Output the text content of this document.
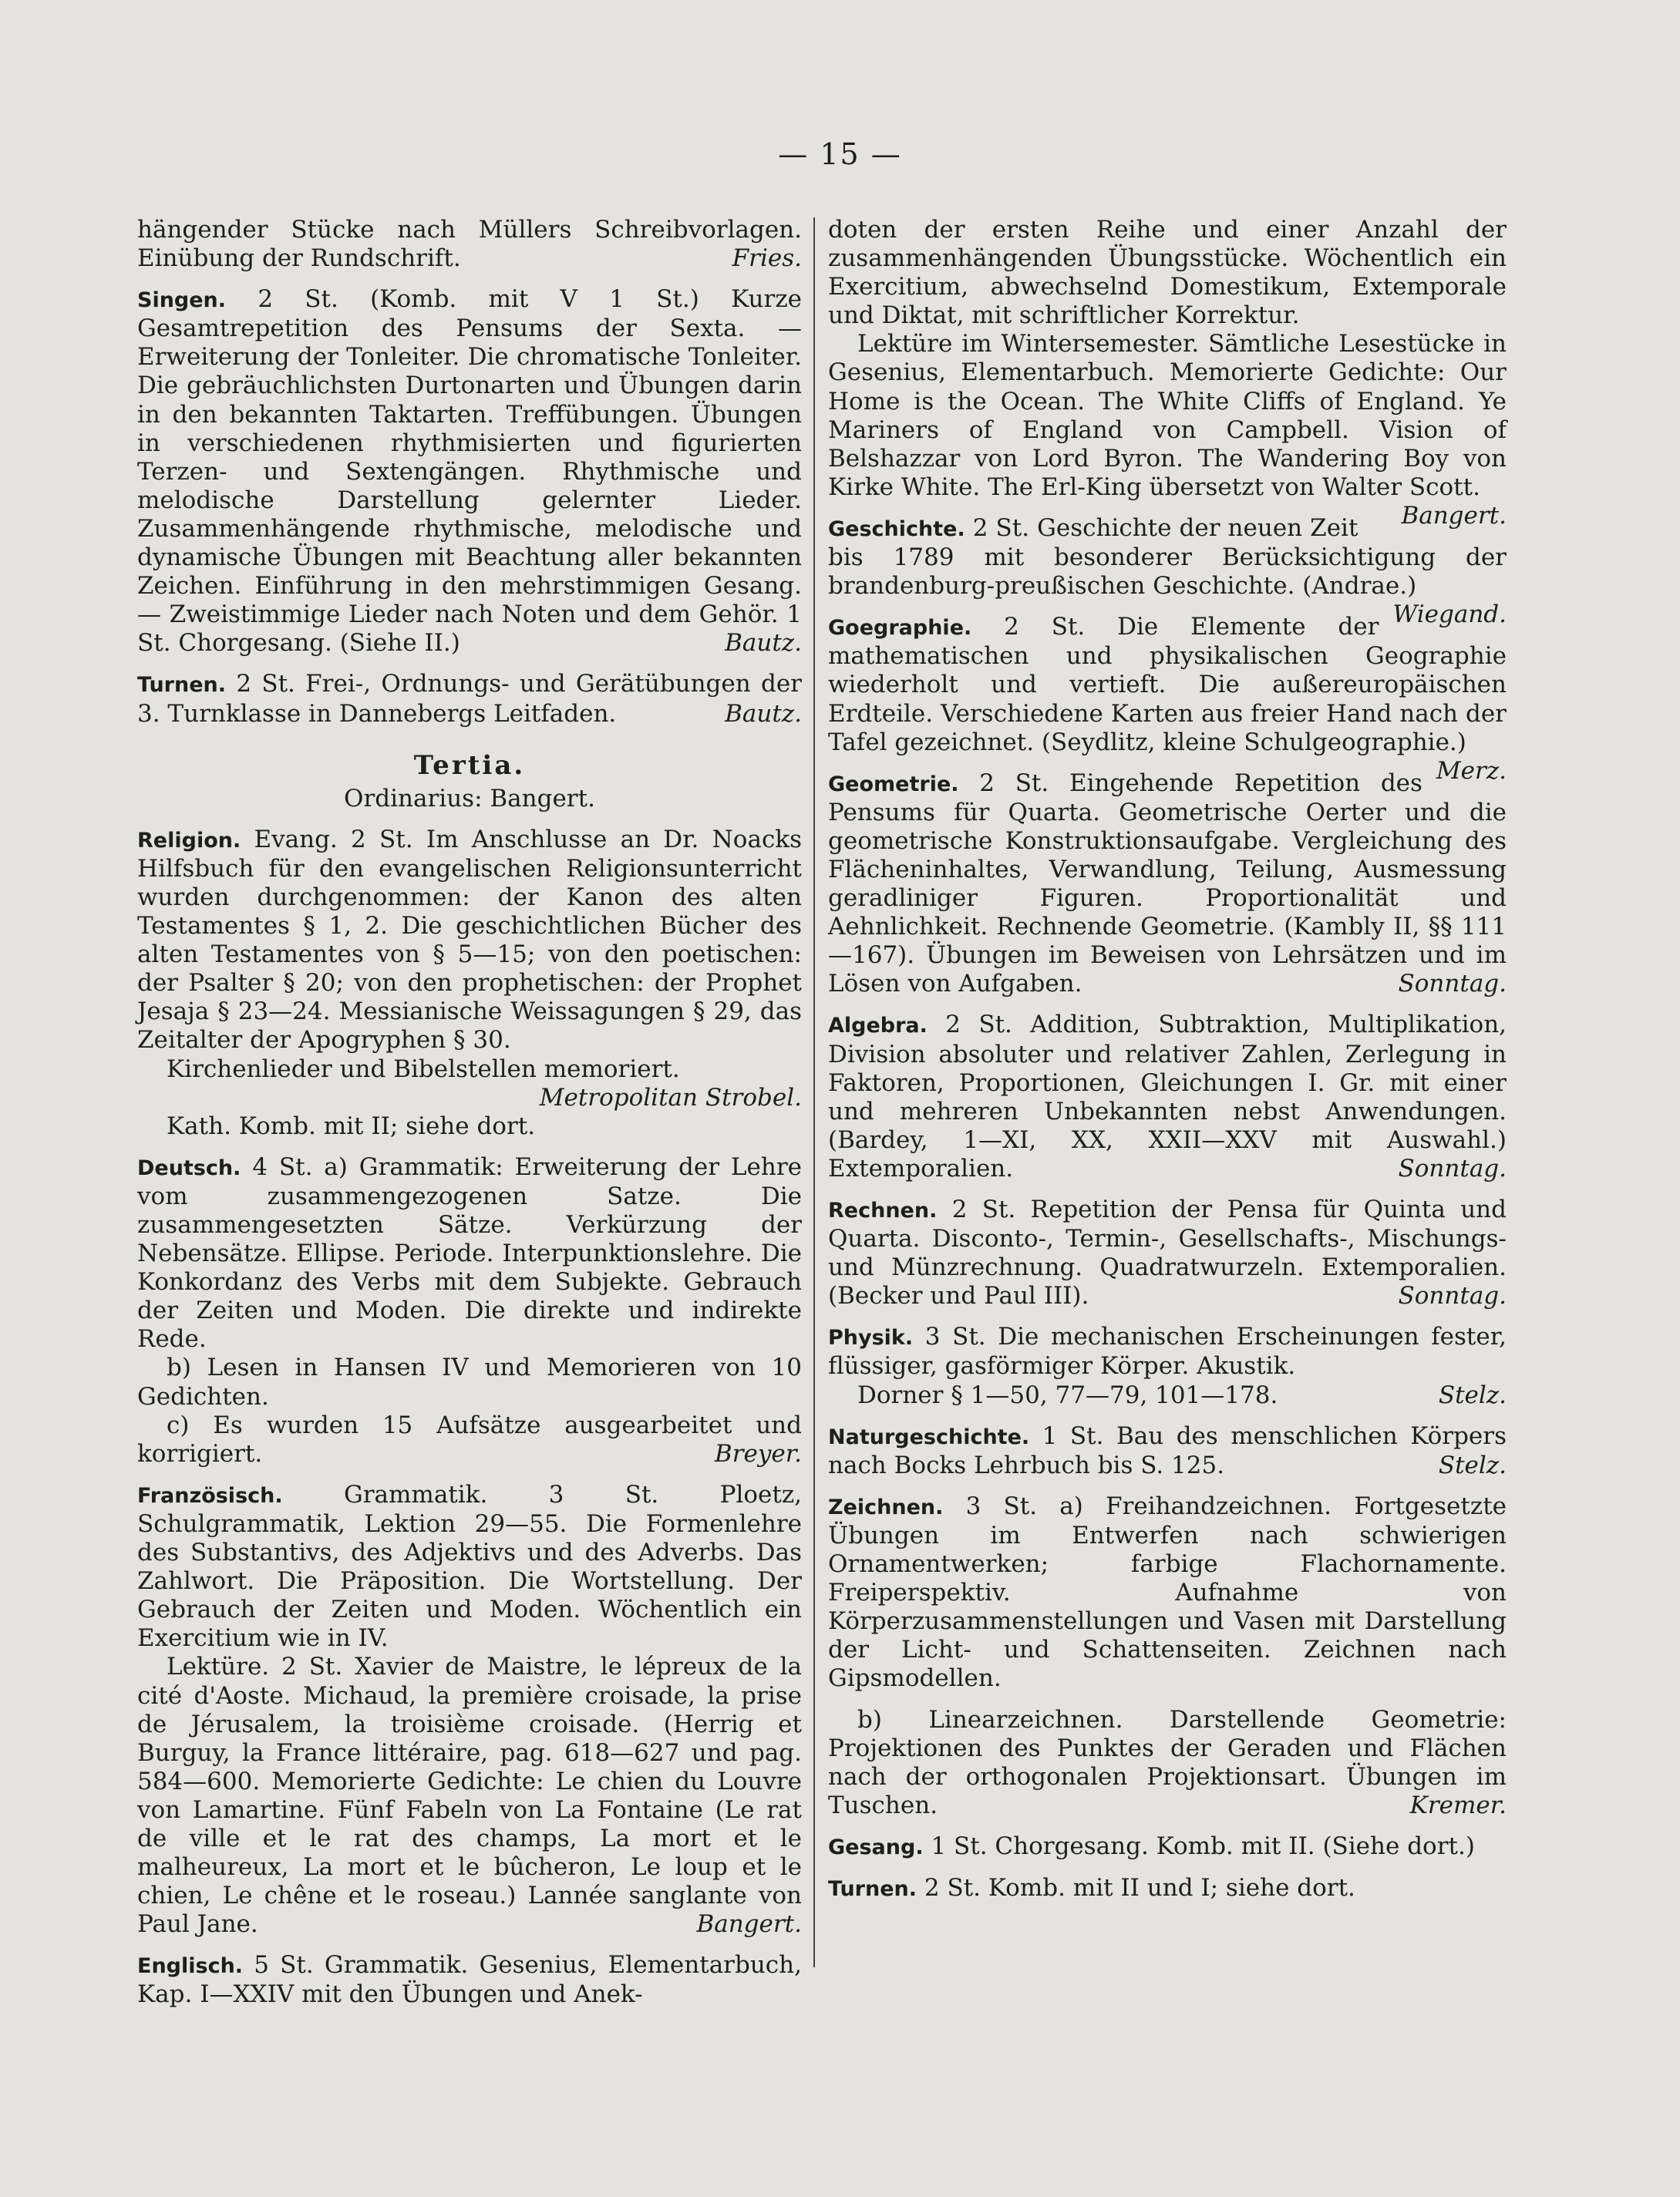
— 15 —

hängender Stücke nach Müllers Schreibvorlagen. Einübung der Rundschrift.	Fries.

Singen. 2 St. (Komb. mit V 1 St.) Kurze Gesamtrepetition des Pensums der Sexta. — Erweiterung der Tonleiter. Die chromatische Tonleiter. Die gebräuchlichsten Durtonarten und Übungen darin in den bekannten Taktarten. Treffübungen. Übungen in verschiedenen rhythmisierten und figurierten Terzen- und Sextengängen. Rhythmische und melodische Darstellung gelernter Lieder. Zusammenhängende rhythmische, melodische und dynamische Übungen mit Beachtung aller bekannten Zeichen. Einführung in den mehrstimmigen Gesang. — Zweistimmige Lieder nach Noten und dem Gehör. 1 St. Chorgesang. (Siehe II.)	Bautz.

Turnen. 2 St. Frei-, Ordnungs- und Gerätübungen der 3. Turnklasse in Dannebergs Leitfaden.	Bautz.

Tertia.
Ordinarius: Bangert.

Religion. Evang. 2 St. Im Anschlusse an Dr. Noacks Hilfsbuch für den evangelischen Religionsunterricht wurden durchgenommen: der Kanon des alten Testamentes § 1, 2. Die geschichtlichen Bücher des alten Testamentes von § 5—15; von den poetischen: der Psalter § 20; von den prophetischen: der Prophet Jesaja § 23—24. Messianische Weissagungen § 29, das Zeitalter der Apogryphen § 30.

Kirchenlieder und Bibelstellen memoriert.

Metropolitan Strobel.

Kath. Komb. mit II; siehe dort.

Deutsch. 4 St. a) Grammatik: Erweiterung der Lehre vom zusammengezogenen Satze. Die zusammengesetzten Sätze. Verkürzung der Nebensätze. Ellipse. Periode. Interpunktionslehre. Die Konkordanz des Verbs mit dem Subjekte. Gebrauch der Zeiten und Moden. Die direkte und indirekte Rede.

b) Lesen in Hansen IV und Memorieren von 10 Gedichten.

c) Es wurden 15 Aufsätze ausgearbeitet und korrigiert.	Breyer.

Französisch.	Grammatik. 3 St. Ploetz, Schulgrammatik, Lektion 29—55. Die Formenlehre des Substantivs, des Adjektivs und des Adverbs. Das Zahlwort. Die Präposition. Die Wortstellung. Der Gebrauch der Zeiten und Moden. Wöchentlich ein Exercitium wie in IV.

Lektüre. 2 St. Xavier de Maistre, le lépreux de la cité d'Aoste. Michaud, la première croisade, la prise de Jérusalem, la troisième croisade. (Herrig et Burguy, la France littéraire, pag. 618—627 und pag. 584—600. Memorierte Gedichte: Le chien du Louvre von Lamartine. Fünf Fabeln von La Fontaine (Le rat de ville et le rat des champs, La mort et le malheureux, La mort et le bûcheron, Le loup et le chien, Le chêne et le roseau.) Lannée sanglante von Paul Jane.	Bangert.

Englisch. 5 St. Grammatik. Gesenius, Elementarbuch, Kap. I—XXIV mit den Übungen und Anek-

doten der ersten Reihe und einer Anzahl der zusammenhängenden Übungsstücke. Wöchentlich ein Exercitium, abwechselnd Domestikum, Extemporale und Diktat, mit schriftlicher Korrektur.

Lektüre im Wintersemester. Sämtliche Lesestücke in Gesenius, Elementarbuch. Memorierte Gedichte: Our Home is the Ocean. The White Cliffs of England. Ye Mariners of England von Campbell. Vision of Belshazzar von Lord Byron. The Wandering Boy von Kirke White. The Erl-King übersetzt von Walter Scott.
Bangert.

Geschichte. 2 St. Geschichte der neuen Zeit bis 1789 mit besonderer Berücksichtigung der brandenburg-preußischen Geschichte. (Andrae.)
Wiegand.

Goegraphie. 2 St. Die Elemente der mathematischen und physikalischen Geographie wiederholt und vertieft. Die außereuropäischen Erdteile. Verschiedene Karten aus freier Hand nach der Tafel gezeichnet. (Seydlitz, kleine Schulgeographie.)
Merz.

Geometrie. 2 St. Eingehende Repetition des Pensums für Quarta. Geometrische Oerter und die geometrische Konstruktionsaufgabe. Vergleichung des Flächeninhaltes, Verwandlung, Teilung, Ausmessung geradliniger Figuren. Proportionalität und Aehnlichkeit. Rechnende Geometrie. (Kambly II, §§ 111—167). Übungen im Beweisen von Lehrsätzen und im Lösen von Aufgaben.	Sonntag.

Algebra. 2 St. Addition, Subtraktion, Multiplikation, Division absoluter und relativer Zahlen, Zerlegung in Faktoren, Proportionen, Gleichungen I. Gr. mit einer und mehreren Unbekannten nebst Anwendungen. (Bardey, 1—XI, XX, XXII—XXV mit Auswahl.) Extemporalien.	Sonntag.

Rechnen. 2 St. Repetition der Pensa für Quinta und Quarta. Disconto-, Termin-, Gesellschafts-, Mischungs- und Münzrechnung. Quadratwurzeln. Extemporalien. (Becker und Paul III).	Sonntag.

Physik. 3 St. Die mechanischen Erscheinungen fester, flüssiger, gasförmiger Körper. Akustik.

Dorner § 1—50, 77—79, 101—178.	Stelz.

Naturgeschichte. 1 St. Bau des menschlichen Körpers nach Bocks Lehrbuch bis S. 125.	Stelz.

Zeichnen. 3 St. a) Freihandzeichnen. Fortgesetzte Übungen im Entwerfen nach schwierigen Ornamentwerken; farbige Flachornamente. Freiperspektiv. Aufnahme von Körperzusammenstellungen und Vasen mit Darstellung der Licht- und Schattenseiten. Zeichnen nach Gipsmodellen.

b) Linearzeichnen. Darstellende Geometrie: Projektionen des Punktes der Geraden und Flächen nach der orthogonalen Projektionsart. Übungen im Tuschen.	Kremer.

Gesang. 1 St. Chorgesang. Komb. mit II. (Siehe dort.)

Turnen. 2 St. Komb. mit II und I; siehe dort.
